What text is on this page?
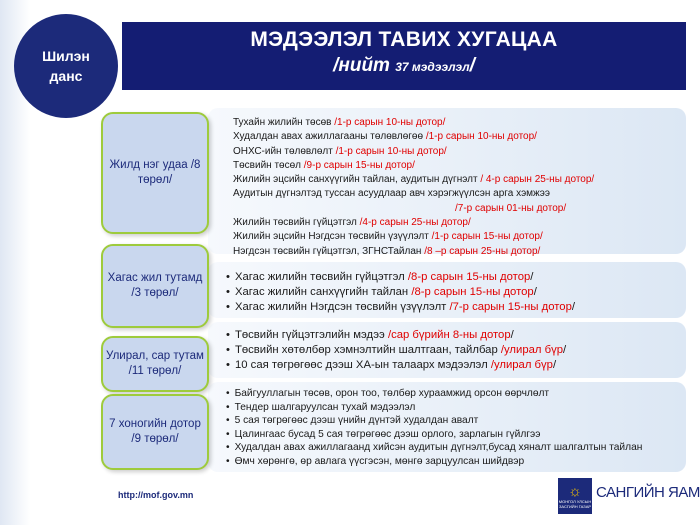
Шилэн
данс
МЭДЭЭЛЭЛ ТАВИХ ХУГАЦАА
/нийт 37 мэдээлэл/
Жилд нэг удаа /8 төрөл/
Хагас жил тутамд /3 төрөл/
Улирал, сар тутам /11 төрөл/
7 хоногийн дотор /9 төрөл/
Тухайн жилийн төсөв /1-р сарын 10-ны дотор/
Худалдан авах ажиллагааны төлөвлөгөө /1-р сарын 10-ны дотор/
ОНХС-ийн төлөвлөлт /1-р сарын 10-ны дотор/
Төсвийн төсөл /9-р сарын 15-ны дотор/
Жилийн эцсийн санхүүгийн тайлан, аудитын дүгнэлт / 4-р сарын 25-ны дотор/
Аудитын дүгнэлтэд туссан асуудлаар авч хэрэгжүүлсэн арга хэмжээ
/7-р сарын 01-ны дотор/
Жилийн төсвийн гүйцэтгэл /4-р сарын 25-ны дотор/
Жилийн эцсийн Нэгдсэн төсвийн үзүүлэлт /1-р сарын 15-ны дотор/
Нэгдсэн төсвийн гүйцэтгэл, ЗГНСТайлан /8 –р сарын 25-ны дотор/
• Хагас жилийн төсвийн гүйцэтгэл /8-р сарын 15-ны дотор/
• Хагас жилийн санхүүгийн тайлан /8-р сарын 15-ны дотор/
• Хагас жилийн Нэгдсэн төсвийн үзүүлэлт /7-р сарын 15-ны дотор/
• Төсвийн гүйцэтгэлийн мэдээ /сар бүрийн 8-ны дотор/
• Төсвийн хөтөлбөр хэмнэлтийн шалтгаан, тайлбар /улирал бүр/
• 10 сая төгрөгөөс дээш ХА-ын талаарх мэдээлэл /улирал бүр/
• Байгууллагын төсөв, орон тоо, төлбөр хураамжид орсон өөрчлөлт
• Тендер шалгаруулсан тухай мэдээлэл
• 5 сая төгрөгөөс дээш үнийн дүнтэй худалдан авалт
• Цалингаас бусад 5 сая төгрөгөөс дээш орлого, зарлагын гүйлгээ
• Худалдан авах ажиллагаанд хийсэн аудитын дүгнэлт,бусад хяналт шалгалтын тайлан
• Өмч хөрөнгө, өр авлага үүсгэсэн, мөнгө зарцуулсан шийдвэр
http://mof.gov.mn	☼
МОНГОЛ УЛСЫН ЗАСГИЙН ГАЗАР
САНГИЙН ЯАМ
